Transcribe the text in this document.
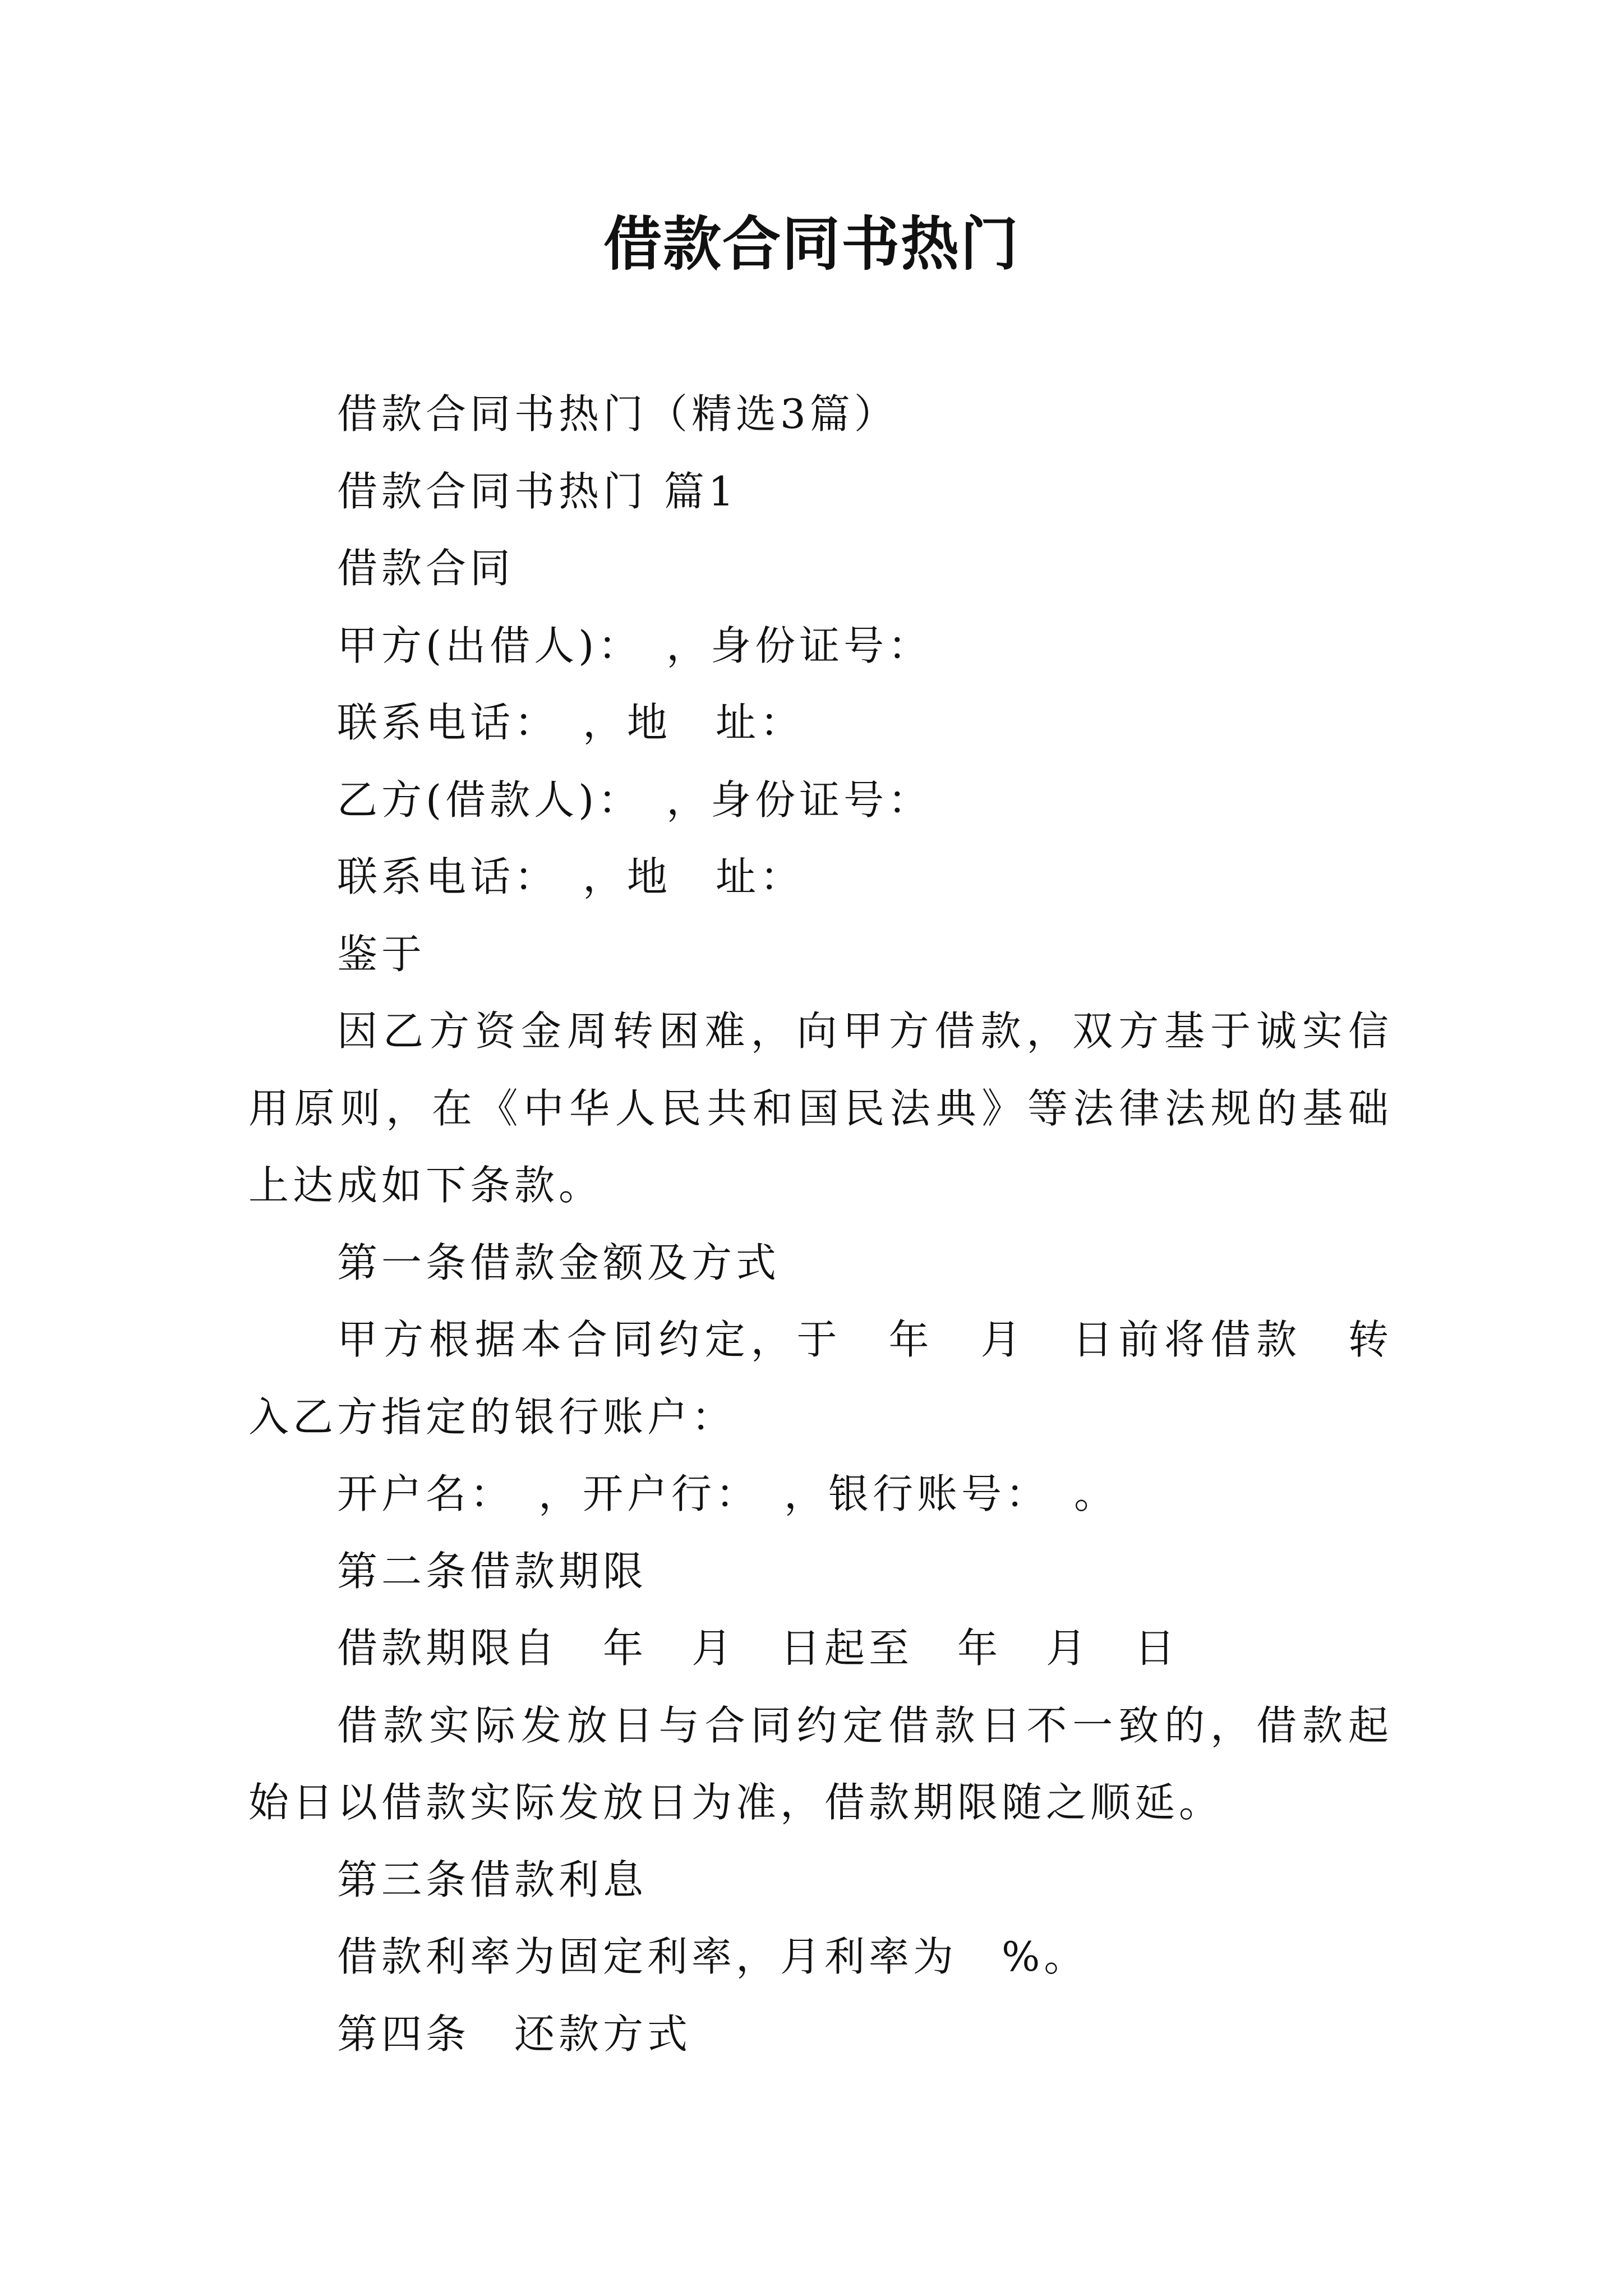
借款合同书热门

借款合同书热门（精选3篇）

借款合同书热门 篇1

借款合同

甲方(出借人)：　，身份证号：

联系电话：　，地　址：

乙方(借款人)：　，身份证号：

联系电话：　，地　址：

鉴于

因乙方资金周转困难，向甲方借款，双方基于诚实信用原则，在《中华人民共和国民法典》等法律法规的基础上达成如下条款。

第一条借款金额及方式

甲方根据本合同约定，于　年　月　日前将借款　转入乙方指定的银行账户：

开户名：　，开户行：　，银行账号：　。

第二条借款期限

借款期限自　年　月　日起至　年　月　日

借款实际发放日与合同约定借款日不一致的，借款起始日以借款实际发放日为准，借款期限随之顺延。

第三条借款利息

借款利率为固定利率，月利率为　%。

第四条　还款方式
